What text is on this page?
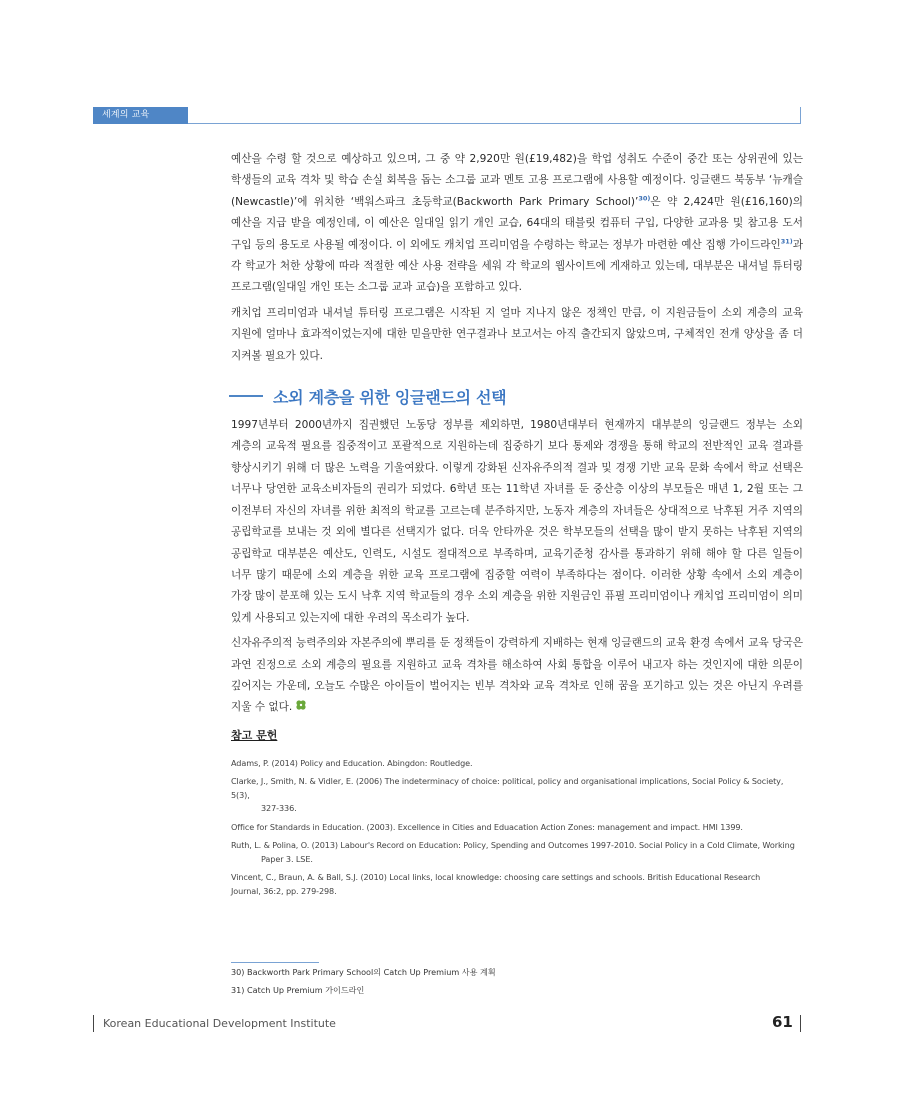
세계의 교육

예산을 수령 할 것으로 예상하고 있으며, 그 중 약 2,920만 원(£19,482)을 학업 성취도 수준이 중간 또는 상위권에 있는 학생들의 교육 격차 및 학습 손실 회복을 돕는 소그룹 교과 멘토 고용 프로그램에 사용할 예정이다. 잉글랜드 북동부 ‘뉴캐슬(Newcastle)’에 위치한 ‘백워스파크 초등학교(Backworth Park Primary School)’$^{30)}$은 약 2,424만 원(£16,160)의 예산을 지급 받을 예정인데, 이 예산은 일대일 읽기 개인 교습, 64대의 태블릿 컴퓨터 구입, 다양한 교과용 및 참고용 도서 구입 등의 용도로 사용될 예정이다. 이 외에도 캐치업 프리미엄을 수령하는 학교는 정부가 마련한 예산 집행 가이드라인$^{31)}$과 각 학교가 처한 상황에 따라 적절한 예산 사용 전략을 세워 각 학교의 웹사이트에 게재하고 있는데, 대부분은 내셔널 튜터링 프로그램(일대일 개인 또는 소그룹 교과 교습)을 포함하고 있다.

캐치업 프리미엄과 내셔널 튜터링 프로그램은 시작된 지 얼마 지나지 않은 정책인 만큼, 이 지원금들이 소외 계층의 교육 지원에 얼마나 효과적이었는지에 대한 믿을만한 연구결과나 보고서는 아직 출간되지 않았으며, 구체적인 전개 양상을 좀 더 지켜볼 필요가 있다.

소외 계층을 위한 잉글랜드의 선택

1997년부터 2000년까지 집권했던 노동당 정부를 제외하면, 1980년대부터 현재까지 대부분의 잉글랜드 정부는 소외 계층의 교육적 필요를 집중적이고 포괄적으로 지원하는데 집중하기 보다 통제와 경쟁을 통해 학교의 전반적인 교육 결과를 향상시키기 위해 더 많은 노력을 기울여왔다. 이렇게 강화된 신자유주의적 결과 및 경쟁 기반 교육 문화 속에서 학교 선택은 너무나 당연한 교육소비자들의 권리가 되었다. 6학년 또는 11학년 자녀를 둔 중산층 이상의 부모들은 매년 1, 2월 또는 그 이전부터 자신의 자녀를 위한 최적의 학교를 고르는데 분주하지만, 노동자 계층의 자녀들은 상대적으로 낙후된 거주 지역의 공립학교를 보내는 것 외에 별다른 선택지가 없다. 더욱 안타까운 것은 학부모들의 선택을 많이 받지 못하는 낙후된 지역의 공립학교 대부분은 예산도, 인력도, 시설도 절대적으로 부족하며, 교육기준청 감사를 통과하기 위해 해야 할 다른 일들이 너무 많기 때문에 소외 계층을 위한 교육 프로그램에 집중할 여력이 부족하다는 점이다. 이러한 상황 속에서 소외 계층이 가장 많이 분포해 있는 도시 낙후 지역 학교들의 경우 소외 계층을 위한 지원금인 퓨필 프리미엄이나 캐치업 프리미엄이 의미 있게 사용되고 있는지에 대한 우려의 목소리가 높다.

신자유주의적 능력주의와 자본주의에 뿌리를 둔 정책들이 강력하게 지배하는 현재 잉글랜드의 교육 환경 속에서 교육 당국은 과연 진정으로 소외 계층의 필요를 지원하고 교육 격차를 해소하여 사회 통합을 이루어 내고자 하는 것인지에 대한 의문이 깊어지는 가운데, 오늘도 수많은 아이들이 벌어지는 빈부 격차와 교육 격차로 인해 꿈을 포기하고 있는 것은 아닌지 우려를 지울 수 없다.

참고 문헌

Adams, P. (2014) Policy and Education. Abingdon: Routledge.

Clarke, J., Smith, N. & Vidler, E. (2006) The indeterminacy of choice: political, policy and organisational implications, Social Policy & Society, 5(3),
327-336.

Office for Standards in Education. (2003). Excellence in Cities and Eduacation Action Zones: management and impact. HMI 1399.

Ruth, L. & Polina, O. (2013) Labour's Record on Education: Policy, Spending and Outcomes 1997-2010. Social Policy in a Cold Climate, Working
Paper 3. LSE.

Vincent, C., Braun, A. & Ball, S.J. (2010) Local links, local knowledge: choosing care settings and schools. British Educational Research
Journal, 36:2, pp. 279-298.

30) Backworth Park Primary School의 Catch Up Premium 사용 계획
31) Catch Up Premium 가이드라인
Korean Educational Development Institute	61
